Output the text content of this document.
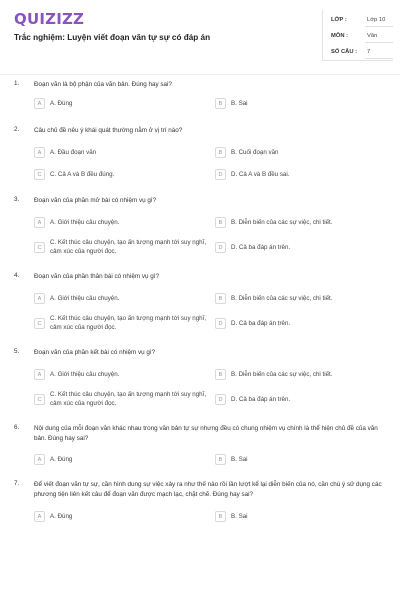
QUIZIZZ
Trắc nghiệm: Luyện viết đoạn văn tự sự có đáp án
LỚP :	Lớp 10
MÔN :	Văn
SỐ CÂU :	7
1. Đoạn văn là bộ phận của văn bản. Đúng hay sai?
A	A. Đúng	B	B. Sai
2. Câu chủ đề nêu ý khái quát thường nằm ở vị trí nào?
A	A. Đầu đoạn văn	B	B. Cuối đoạn văn
C	C. Cả A và B đều đúng.	D	D. Cả A và B đều sai.
3. Đoạn văn của phần mở bài có nhiệm vụ gì?
A	A. Giới thiệu câu chuyện.	B	B. Diễn biến của các sự việc, chi tiết.
C
C. Kết thúc câu chuyện, tạo ấn tượng mạnh tới suy nghĩ, cảm xúc của người đọc.	D	D. Cả ba đáp án trên.
4. Đoạn văn của phần thân bài có nhiệm vụ gì?
A	A. Giới thiệu câu chuyện.	B	B. Diễn biến của các sự việc, chi tiết.
C
C. Kết thúc câu chuyện, tạo ấn tượng mạnh tới suy nghĩ, cảm xúc của người đọc.	D	D. Cả ba đáp án trên.
5. Đoạn văn của phần kết bài có nhiệm vụ gì?
A	A. Giới thiệu câu chuyện.	B	B. Diễn biến của các sự việc, chi tiết.
C
C. Kết thúc câu chuyện, tạo ấn tượng mạnh tới suy nghĩ, cảm xúc của người đọc.	D	D. Cả ba đáp án trên.
6. Nội dung của mỗi đoạn văn khác nhau trong văn bản tự sự nhưng đều có chung nhiệm vụ chính là thể hiện chủ đề của văn bản. Đúng hay sai?
A	A. Đúng	B	B. Sai
7. Để viết đoạn văn tự sự, cần hình dung sự việc xảy ra như thế nào rồi lần lượt kể lại diễn biến của nó, cần chú ý sử dụng các phương tiện liên kết câu để đoạn văn được mạch lạc, chặt chẽ. Đúng hay sai?
A	A. Đúng	B	B. Sai
